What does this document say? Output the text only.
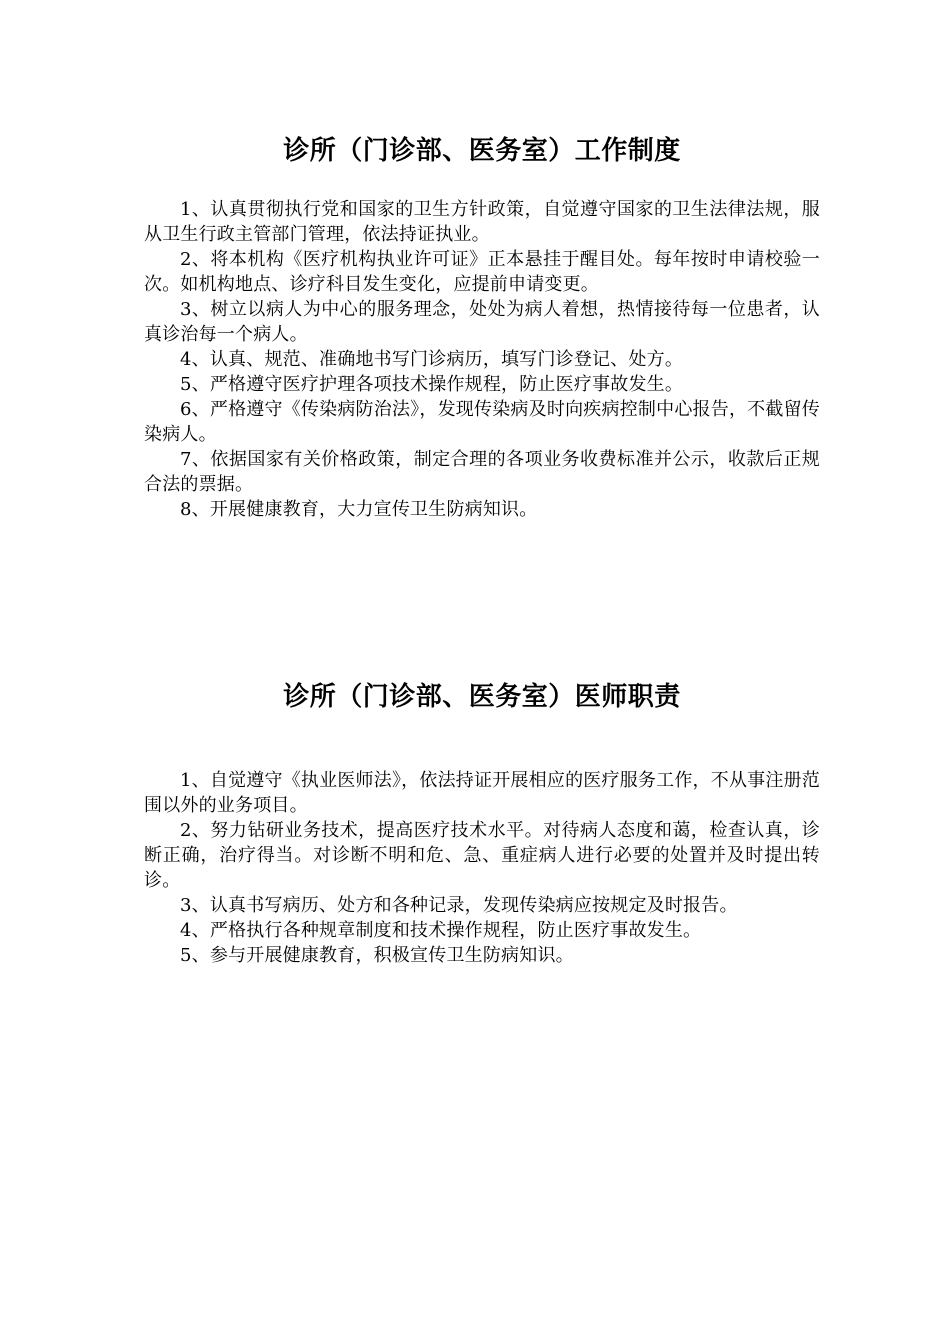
诊所（门诊部、医务室）工作制度

1、认真贯彻执行党和国家的卫生方针政策，自觉遵守国家的卫生法律法规，服从卫生行政主管部门管理，依法持证执业。

2、将本机构《医疗机构执业许可证》正本悬挂于醒目处。每年按时申请校验一次。如机构地点、诊疗科目发生变化，应提前申请变更。

3、树立以病人为中心的服务理念，处处为病人着想，热情接待每一位患者，认真诊治每一个病人。

4、认真、规范、准确地书写门诊病历，填写门诊登记、处方。

5、严格遵守医疗护理各项技术操作规程，防止医疗事故发生。

6、严格遵守《传染病防治法》，发现传染病及时向疾病控制中心报告，不截留传染病人。

7、依据国家有关价格政策，制定合理的各项业务收费标准并公示，收款后正规合法的票据。

8、开展健康教育，大力宣传卫生防病知识。

诊所（门诊部、医务室）医师职责

1、自觉遵守《执业医师法》，依法持证开展相应的医疗服务工作，不从事注册范围以外的业务项目。

2、努力钻研业务技术，提高医疗技术水平。对待病人态度和蔼，检查认真，诊断正确，治疗得当。对诊断不明和危、急、重症病人进行必要的处置并及时提出转诊。

3、认真书写病历、处方和各种记录，发现传染病应按规定及时报告。

4、严格执行各种规章制度和技术操作规程，防止医疗事故发生。

5、参与开展健康教育，积极宣传卫生防病知识。
